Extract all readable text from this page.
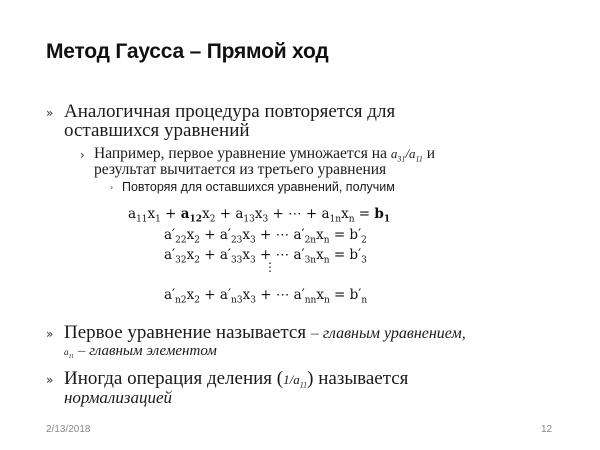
Метод Гаусса – Прямой ход
» Аналогичная процедура повторяется для
оставшихся уравнений
› Например, первое уравнение умножается на $a_{31}/a_{11}$ и
результат вычитается из третьего уравнения
› Повторяя для оставшихся уравнений, получим
$a_{11}x_1 + a_{12}x_2 + a_{13}x_3$ + ⋯ + $a_{1n}x_n = b_1$
$a'_{22}x_2 + a'_{23}x_3$ + ⋯ $a'_{2n}x_n = b'_2$
$a'_{32}x_2 + a'_{33}x_3$ + ⋯ $a'_{3n}x_n = b'_3$
⋮
$a'_{n2}x_2 + a'_{n3}x_3$ + ⋯ $a'_{nn}x_n = b'_n$
» Первое уравнение называется – главным уравнением,
$a_{11}$ – главным элементом
» Иногда операция деления $(1/a_{11})$ называется
нормализацией
2/13/2018	12
